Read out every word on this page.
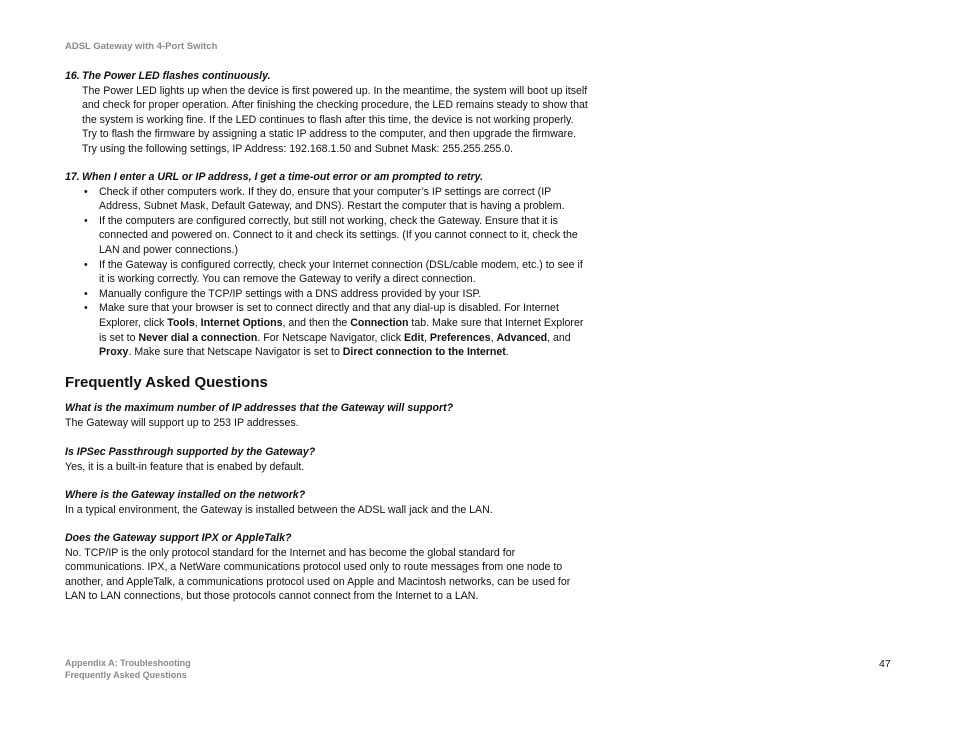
ADSL Gateway with 4-Port Switch
16. The Power LED flashes continuously.
The Power LED lights up when the device is first powered up. In the meantime, the system will boot up itself and check for proper operation. After finishing the checking procedure, the LED remains steady to show that the system is working fine. If the LED continues to flash after this time, the device is not working properly. Try to flash the firmware by assigning a static IP address to the computer, and then upgrade the firmware. Try using the following settings, IP Address: 192.168.1.50 and Subnet Mask: 255.255.255.0.
17. When I enter a URL or IP address, I get a time-out error or am prompted to retry.
• Check if other computers work. If they do, ensure that your computer’s IP settings are correct (IP Address, Subnet Mask, Default Gateway, and DNS). Restart the computer that is having a problem.
• If the computers are configured correctly, but still not working, check the Gateway. Ensure that it is connected and powered on. Connect to it and check its settings. (If you cannot connect to it, check the LAN and power connections.)
• If the Gateway is configured correctly, check your Internet connection (DSL/cable modem, etc.) to see if it is working correctly. You can remove the Gateway to verify a direct connection.
• Manually configure the TCP/IP settings with a DNS address provided by your ISP.
• Make sure that your browser is set to connect directly and that any dial-up is disabled. For Internet Explorer, click Tools, Internet Options, and then the Connection tab. Make sure that Internet Explorer is set to Never dial a connection. For Netscape Navigator, click Edit, Preferences, Advanced, and Proxy. Make sure that Netscape Navigator is set to Direct connection to the Internet.
Frequently Asked Questions
What is the maximum number of IP addresses that the Gateway will support?
The Gateway will support up to 253 IP addresses.
Is IPSec Passthrough supported by the Gateway?
Yes, it is a built-in feature that is enabed by default.
Where is the Gateway installed on the network?
In a typical environment, the Gateway is installed between the ADSL wall jack and the LAN.
Does the Gateway support IPX or AppleTalk?
No. TCP/IP is the only protocol standard for the Internet and has become the global standard for communications. IPX, a NetWare communications protocol used only to route messages from one node to another, and AppleTalk, a communications protocol used on Apple and Macintosh networks, can be used for LAN to LAN connections, but those protocols cannot connect from the Internet to a LAN.
Appendix A: Troubleshooting
Frequently Asked Questions
47
